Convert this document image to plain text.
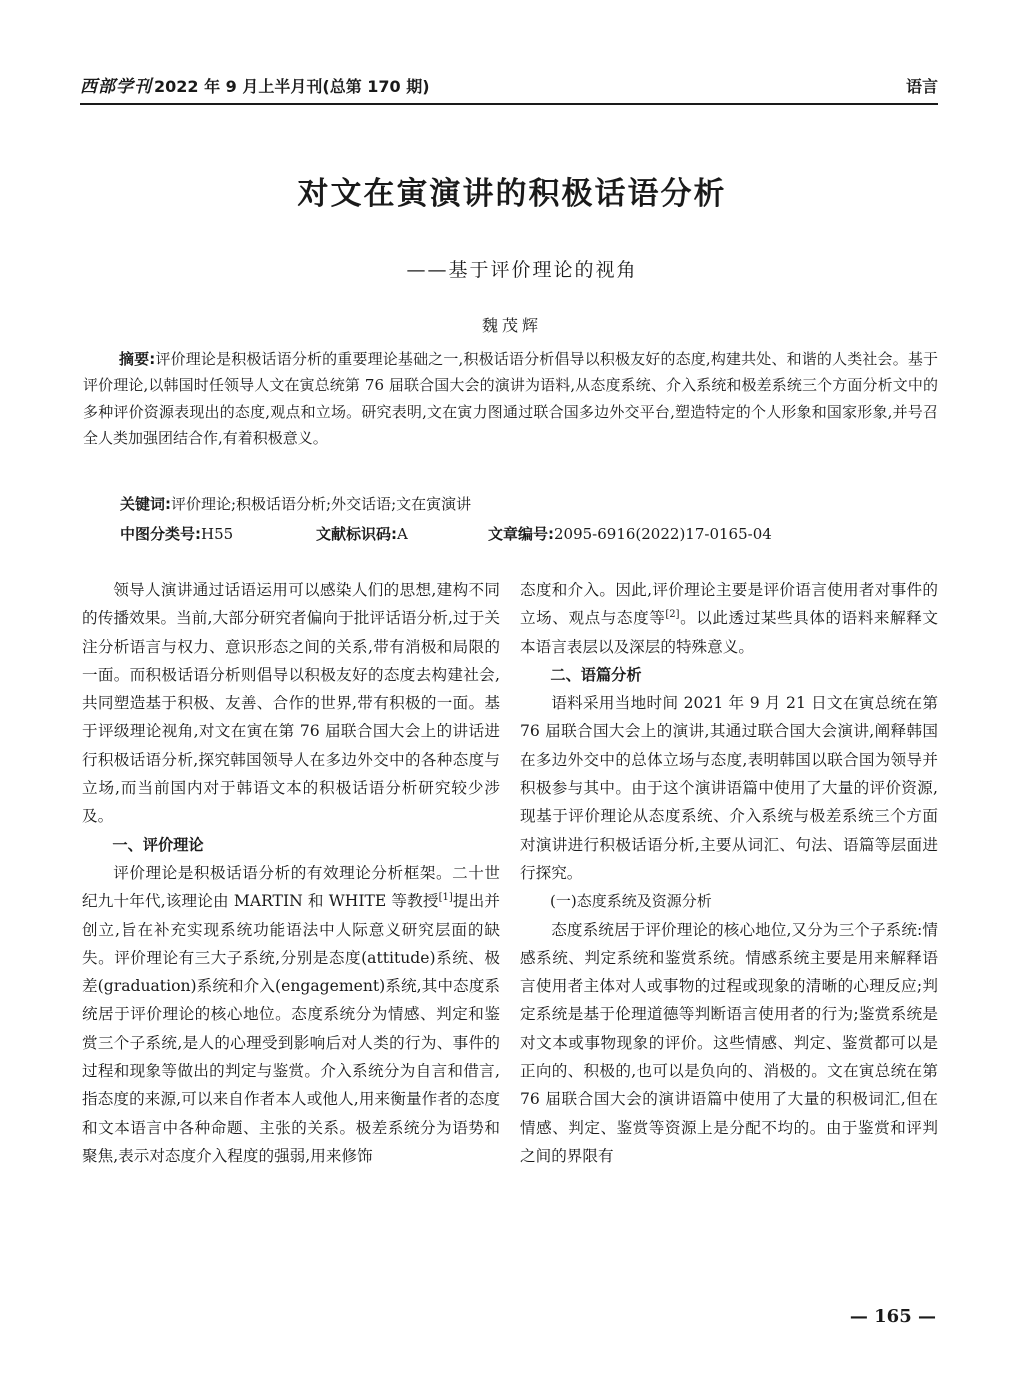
西部学刊 2022 年 9 月上半月刊(总第 170 期)	语言
对文在寅演讲的积极话语分析
——基于评价理论的视角
魏茂辉
摘要:评价理论是积极话语分析的重要理论基础之一,积极话语分析倡导以积极友好的态度,构建共处、和谐的人类社会。基于评价理论,以韩国时任领导人文在寅总统第 76 届联合国大会的演讲为语料,从态度系统、介入系统和极差系统三个方面分析文中的多种评价资源表现出的态度,观点和立场。研究表明,文在寅力图通过联合国多边外交平台,塑造特定的个人形象和国家形象,并号召全人类加强团结合作,有着积极意义。
关键词:评价理论;积极话语分析;外交话语;文在寅演讲
中图分类号:H55	文献标识码:A	文章编号:2095-6916(2022)17-0165-04

领导人演讲通过话语运用可以感染人们的思想,建构不同的传播效果。当前,大部分研究者偏向于批评话语分析,过于关注分析语言与权力、意识形态之间的关系,带有消极和局限的一面。而积极话语分析则倡导以积极友好的态度去构建社会,共同塑造基于积极、友善、合作的世界,带有积极的一面。基于评级理论视角,对文在寅在第 76 届联合国大会上的讲话进行积极话语分析,探究韩国领导人在多边外交中的各种态度与立场,而当前国内对于韩语文本的积极话语分析研究较少涉及。

一、评价理论

评价理论是积极话语分析的有效理论分析框架。二十世纪九十年代,该理论由 MARTIN 和 WHITE 等教授[1]提出并创立,旨在补充实现系统功能语法中人际意义研究层面的缺失。评价理论有三大子系统,分别是态度(attitude)系统、极差(graduation)系统和介入(engagement)系统,其中态度系统居于评价理论的核心地位。态度系统分为情感、判定和鉴赏三个子系统,是人的心理受到影响后对人类的行为、事件的过程和现象等做出的判定与鉴赏。介入系统分为自言和借言,指态度的来源,可以来自作者本人或他人,用来衡量作者的态度和文本语言中各种命题、主张的关系。极差系统分为语势和聚焦,表示对态度介入程度的强弱,用来修饰

态度和介入。因此,评价理论主要是评价语言使用者对事件的立场、观点与态度等[2]。以此透过某些具体的语料来解释文本语言表层以及深层的特殊意义。

二、语篇分析

语料采用当地时间 2021 年 9 月 21 日文在寅总统在第 76 届联合国大会上的演讲,其通过联合国大会演讲,阐释韩国在多边外交中的总体立场与态度,表明韩国以联合国为领导并积极参与其中。由于这个演讲语篇中使用了大量的评价资源,现基于评价理论从态度系统、介入系统与极差系统三个方面对演讲进行积极话语分析,主要从词汇、句法、语篇等层面进行探究。

(一)态度系统及资源分析

态度系统居于评价理论的核心地位,又分为三个子系统:情感系统、判定系统和鉴赏系统。情感系统主要是用来解释语言使用者主体对人或事物的过程或现象的清晰的心理反应;判定系统是基于伦理道德等判断语言使用者的行为;鉴赏系统是对文本或事物现象的评价。这些情感、判定、鉴赏都可以是正向的、积极的,也可以是负向的、消极的。文在寅总统在第 76 届联合国大会的演讲语篇中使用了大量的积极词汇,但在情感、判定、鉴赏等资源上是分配不均的。由于鉴赏和评判之间的界限有

— 165 —
